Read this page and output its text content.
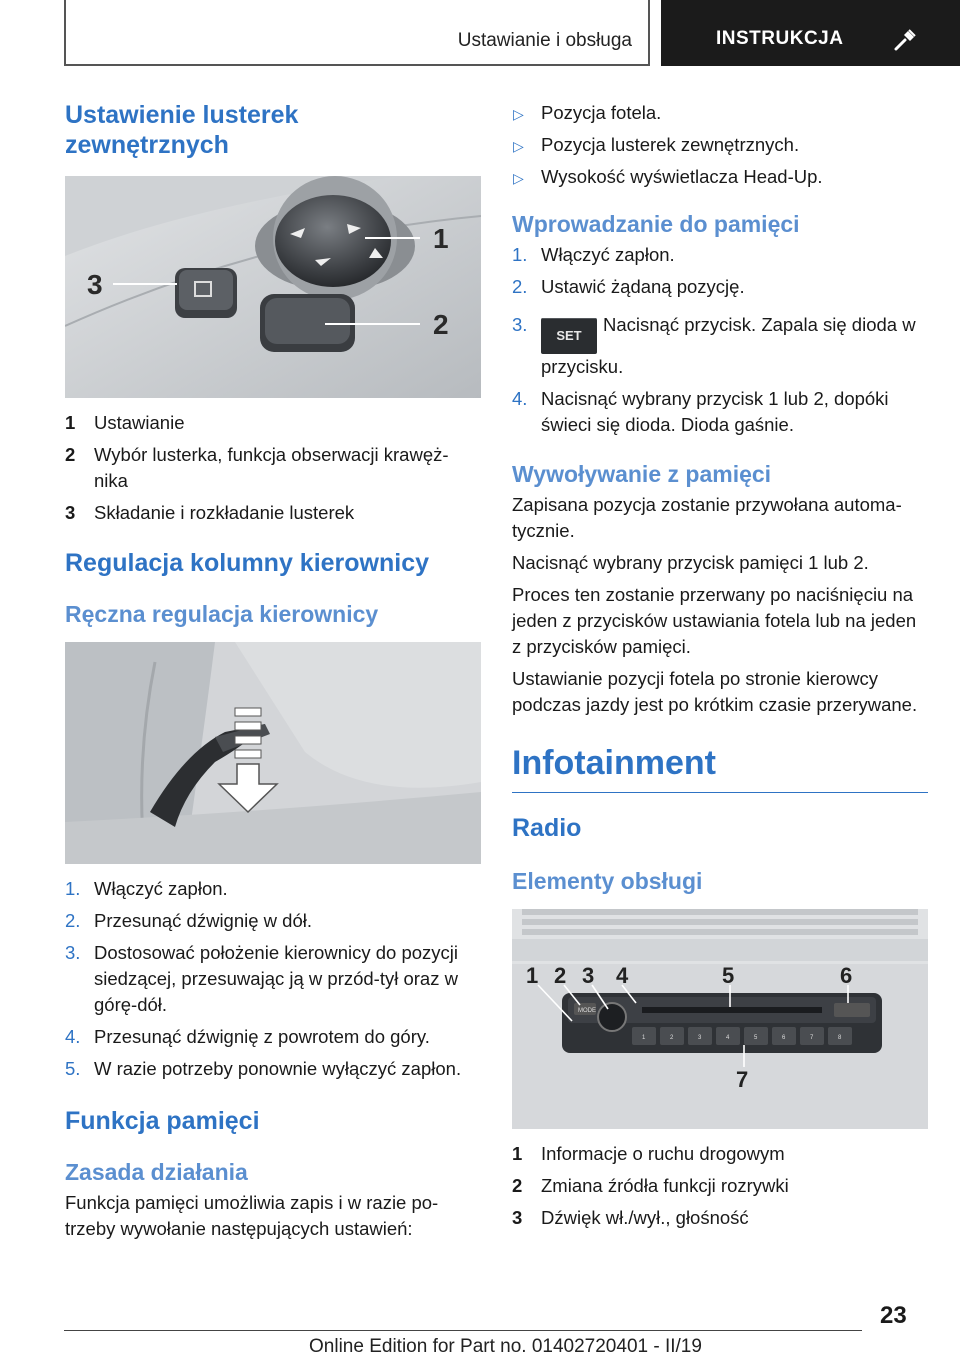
Ustawianie i obsługa	INSTRUKCJA
Ustawienie lusterek
zewnętrznych
1
2
3
1 Ustawianie
2 Wybór lusterka, funkcja obserwacji krawęż‐nika
3 Składanie i rozkładanie lusterek
Regulacja kolumny kierownicy
Ręczna regulacja kierownicy
1. Włączyć zapłon.
2. Przesunąć dźwignię w dół.
3. Dostosować położenie kierownicy do pozycji siedzącej, przesuwając ją w przód-tył oraz w górę-dół.
4. Przesunąć dźwignię z powrotem do góry.
5. W razie potrzeby ponownie wyłączyć zapłon.
Funkcja pamięci
Zasada działania
Funkcja pamięci umożliwia zapis i w razie po‐trzeby wywołanie następujących ustawień:
▷ Pozycja fotela.
▷ Pozycja lusterek zewnętrznych.
▷ Wysokość wyświetlacza Head-Up.
Wprowadzanie do pamięci
1. Włączyć zapłon.
2. Ustawić żądaną pozycję.
3.
SETNacisnąć przycisk. Zapala się dioda w przycisku.
4. Nacisnąć wybrany przycisk 1 lub 2, dopóki świeci się dioda. Dioda gaśnie.
Wywoływanie z pamięci
Zapisana pozycja zostanie przywołana automa‐tycznie.
Nacisnąć wybrany przycisk pamięci 1 lub 2.
Proces ten zostanie przerwany po naciśnięciu na jeden z przycisków ustawiania fotela lub na jeden z przycisków pamięci.
Ustawianie pozycji fotela po stronie kierowcy podczas jazdy jest po krótkim czasie przerywane.
Infotainment
Radio
Elementy obsługi
MODE
1	2	3	4	5	6	7	8
1 2 3 4	5	6
7
1 Informacje o ruchu drogowym
2 Zmiana źródła funkcji rozrywki
3 Dźwięk wł./wył., głośność
23
Online Edition for Part no. 01402720401 - II/19
